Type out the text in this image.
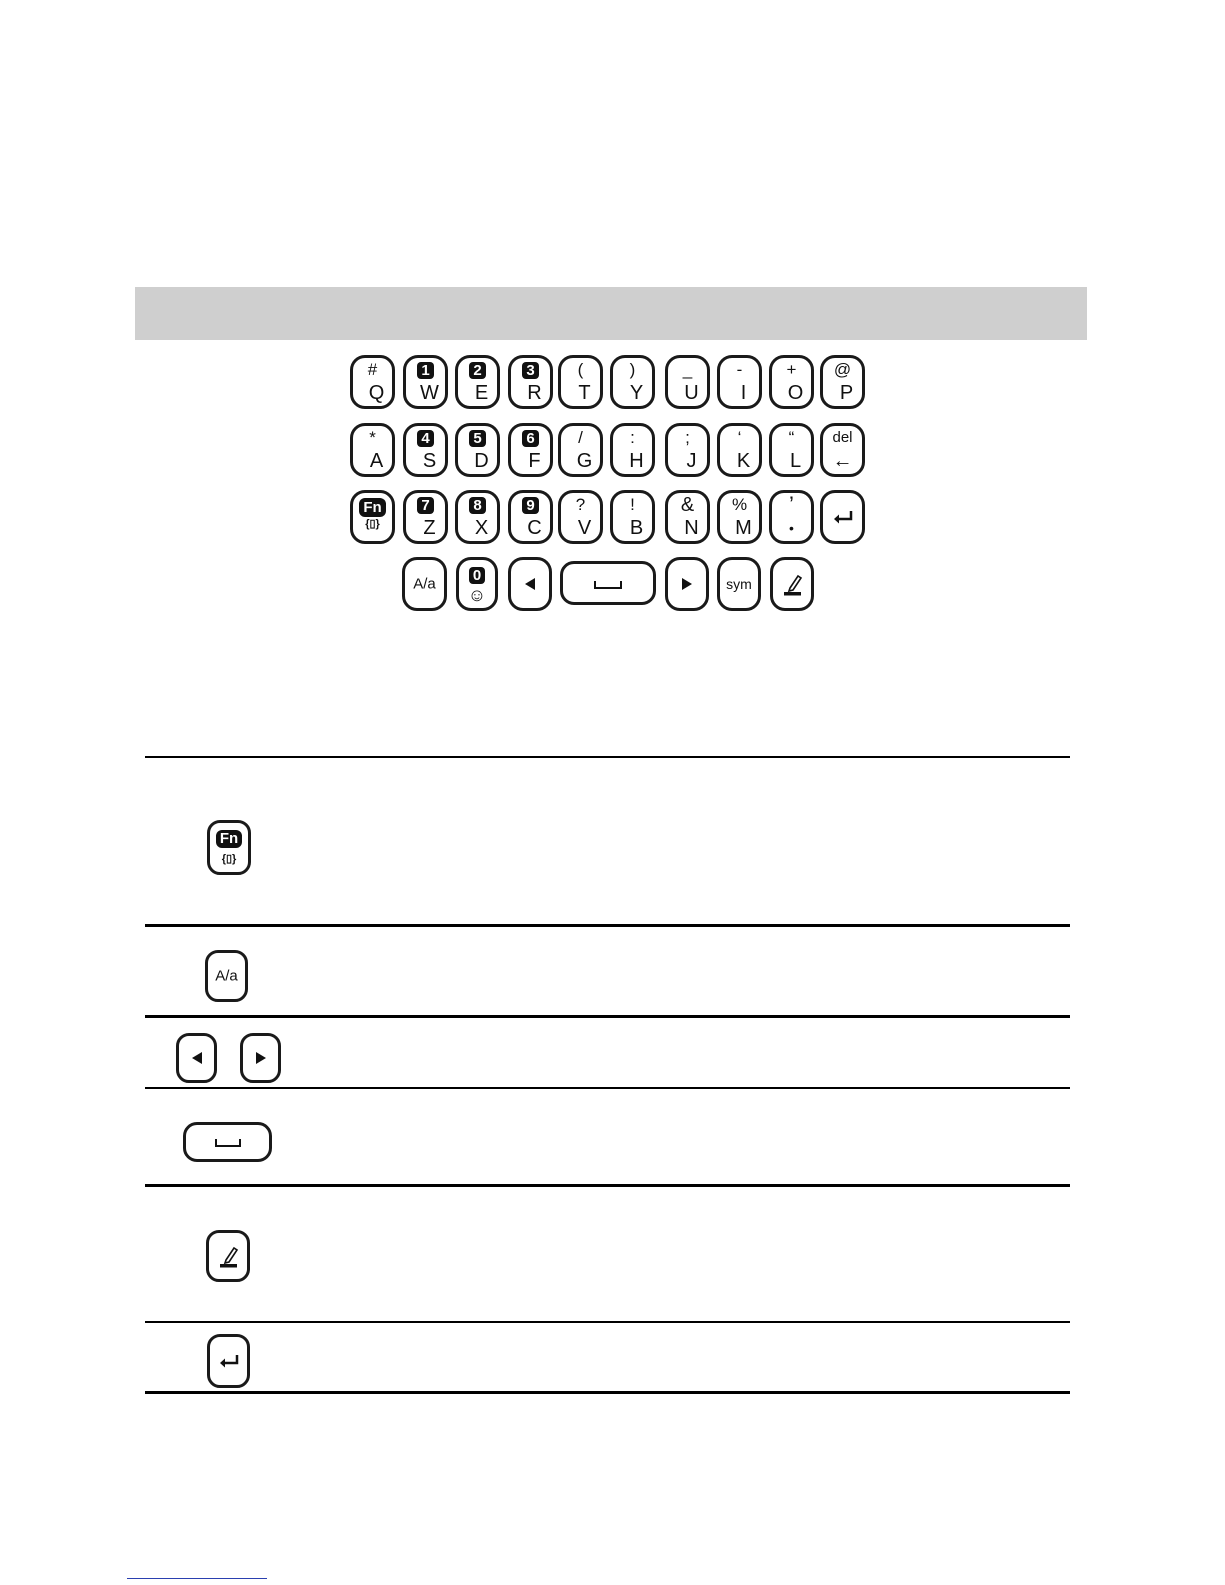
#
Q
1
W
2
E
3
R
(
T
)
Y
_
U
-
I
+
O
@
P
*
A
4
S
5
D
6
F
/
G
:
H
;
J
‘
K
“
L
del
←
Fn
{▯}
7
Z
8
X
9
C
?
V
!
B
&
N
%
M
’
•
A/a	0
☺
sym
Fn
{▯}
A/a
